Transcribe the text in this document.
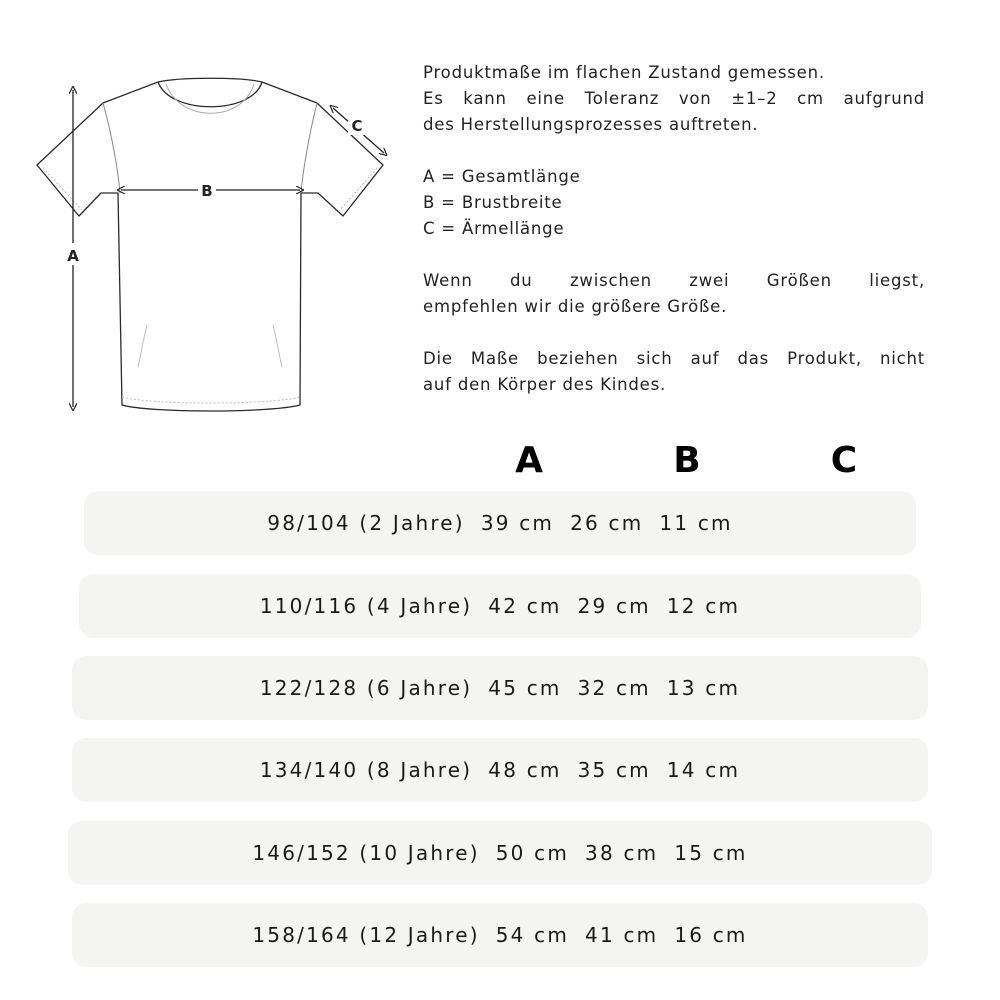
A
B
C

Produktmaße im flachen Zustand gemessen.
Es kann eine Toleranz von ±1–2 cm aufgrund
des Herstellungsprozesses auftreten.

A = Gesamtlänge
B = Brustbreite
C = Ärmellänge

Wenn du zwischen zwei Größen liegst,
empfehlen wir die größere Größe.

Die Maße beziehen sich auf das Produkt, nicht
auf den Körper des Kindes.

A	B	C
98/104 (2 Jahre) 39 cm 26 cm 11 cm
110/116 (4 Jahre) 42 cm 29 cm 12 cm
122/128 (6 Jahre) 45 cm 32 cm 13 cm
134/140 (8 Jahre) 48 cm 35 cm 14 cm
146/152 (10 Jahre) 50 cm 38 cm 15 cm
158/164 (12 Jahre) 54 cm 41 cm 16 cm
